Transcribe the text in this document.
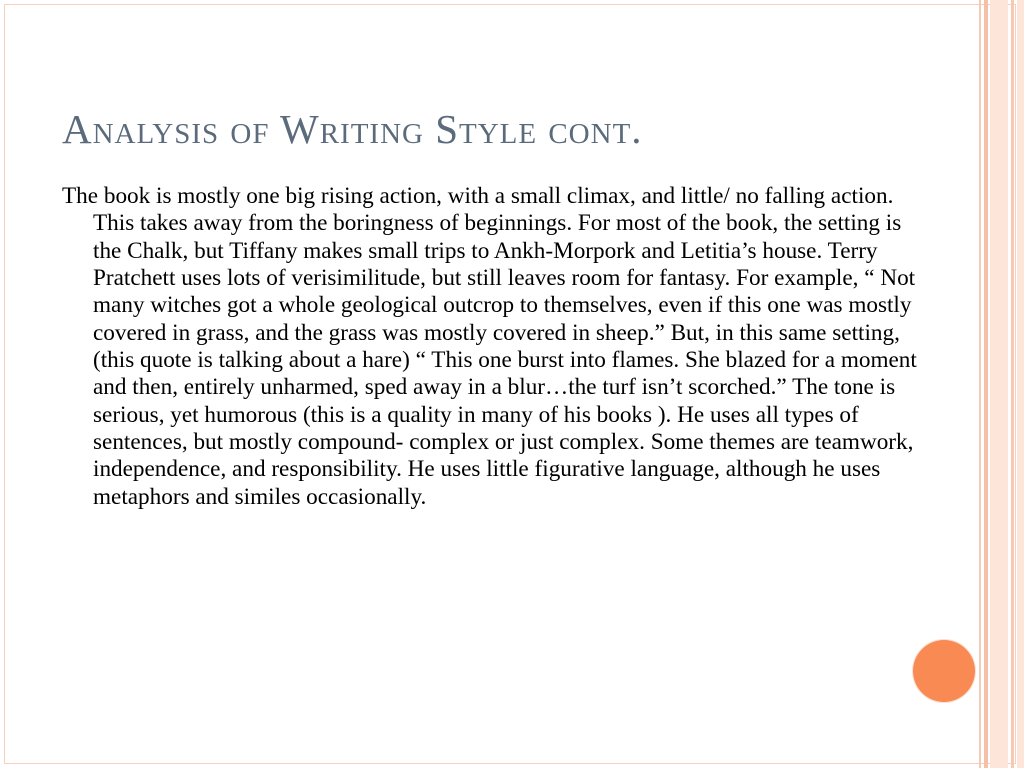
Analysis of Writing Style cont.

The book is mostly one big rising action, with a small climax, and little/ no falling action. This takes away from the boringness of beginnings. For most of the book, the setting is the Chalk, but Tiffany makes small trips to Ankh-Morpork and Letitia’s house. Terry Pratchett uses lots of verisimilitude, but still leaves room for fantasy. For example, “ Not many witches got a whole geological outcrop to themselves, even if this one was mostly covered in grass, and the grass was mostly covered in sheep.” But, in this same setting,(this quote is talking about a hare) “ This one burst into flames. She blazed for a moment and then, entirely unharmed, sped away in a blur…the turf isn’t scorched.” The tone is serious, yet humorous (this is a quality in many of his books ). He uses all types of sentences, but mostly compound- complex or just complex. Some themes are teamwork, independence, and responsibility. He uses little figurative language, although he uses metaphors and similes occasionally.
